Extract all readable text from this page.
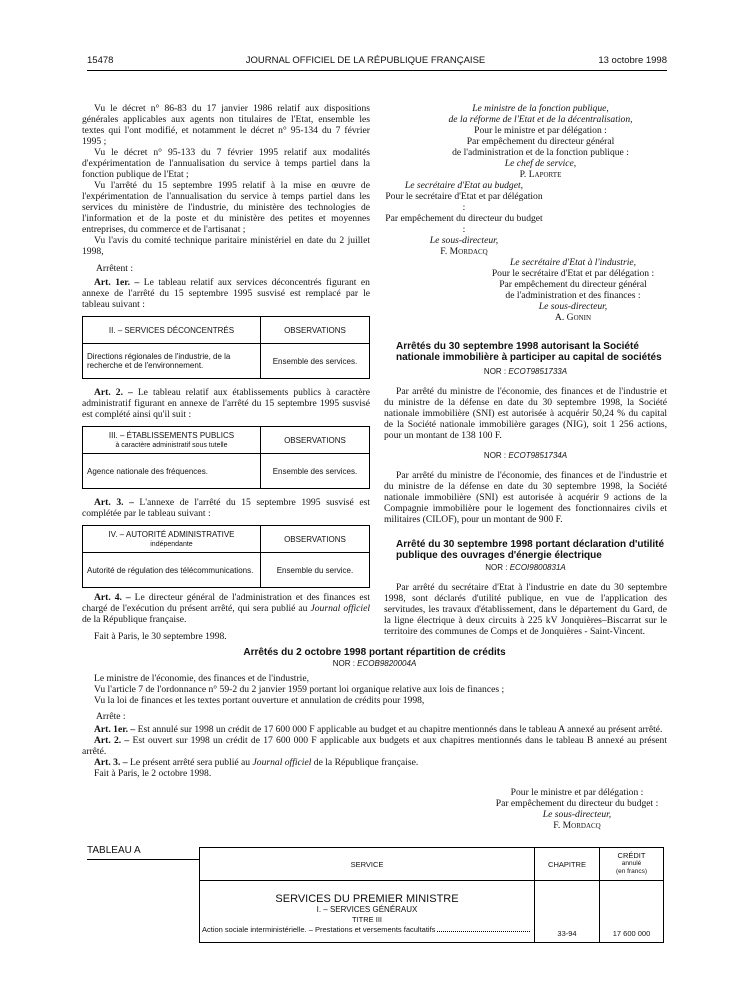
15478	JOURNAL OFFICIEL DE LA RÉPUBLIQUE FRANÇAISE	13 octobre 1998

Vu le décret n° 86-83 du 17 janvier 1986 relatif aux dispositions générales applicables aux agents non titulaires de l'Etat, ensemble les textes qui l'ont modifié, et notamment le décret n° 95-134 du 7 février 1995 ;

Vu le décret n° 95-133 du 7 février 1995 relatif aux modalités d'expérimentation de l'annualisation du service à temps partiel dans la fonction publique de l'Etat ;

Vu l'arrêté du 15 septembre 1995 relatif à la mise en œuvre de l'expérimentation de l'annualisation du service à temps partiel dans les services du ministère de l'industrie, du ministère des technologies de l'information et de la poste et du ministère des petites et moyennes entreprises, du commerce et de l'artisanat ;

Vu l'avis du comité technique paritaire ministériel en date du 2 juillet 1998,

Arrêtent :

Art. 1er. – Le tableau relatif aux services déconcentrés figurant en annexe de l'arrêté du 15 septembre 1995 susvisé est remplacé par le tableau suivant :

II. – SERVICES DÉCONCENTRÉS	OBSERVATIONS
Directions régionales de l'industrie, de la recherche et de l'environnement.	Ensemble des services.

Art. 2. – Le tableau relatif aux établissements publics à caractère administratif figurant en annexe de l'arrêté du 15 septembre 1995 susvisé est complété ainsi qu'il suit :

III. – ÉTABLISSEMENTS PUBLICS
à caractère administratif sous tutelle	OBSERVATIONS
Agence nationale des fréquences.	Ensemble des services.

Art. 3. – L'annexe de l'arrêté du 15 septembre 1995 susvisé est complétée par le tableau suivant :

IV. – AUTORITÉ ADMINISTRATIVE
indépendante	OBSERVATIONS
Autorité de régulation des télécommunications.	Ensemble du service.

Art. 4. – Le directeur général de l'administration et des finances est chargé de l'exécution du présent arrêté, qui sera publié au Journal officiel de la République française.

Fait à Paris, le 30 septembre 1998.

Le ministre de la fonction publique,
de la réforme de l'Etat et de la décentralisation,
Pour le ministre et par délégation :
Par empêchement du directeur général
de l'administration et de la fonction publique :
Le chef de service,
P. Laporte
Le secrétaire d'Etat au budget,
Pour le secrétaire d'Etat et par délégation :
Par empêchement du directeur du budget :
Le sous-directeur,
F. Mordacq
Le secrétaire d'Etat à l'industrie,
Pour le secrétaire d'Etat et par délégation :
Par empêchement du directeur général
de l'administration et des finances :
Le sous-directeur,
A. Gonin
Arrêtés du 30 septembre 1998 autorisant la Société nationale immobilière à participer au capital de sociétés
NOR : ECOT9851733A

Par arrêté du ministre de l'économie, des finances et de l'industrie et du ministre de la défense en date du 30 septembre 1998, la Société nationale immobilière (SNI) est autorisée à acquérir 50,24 % du capital de la Société nationale immobilière garages (NIG), soit 1 256 actions, pour un montant de 138 100 F.

NOR : ECOT9851734A

Par arrêté du ministre de l'économie, des finances et de l'industrie et du ministre de la défense en date du 30 septembre 1998, la Société nationale immobilière (SNI) est autorisée à acquérir 9 actions de la Compagnie immobilière pour le logement des fonctionnaires civils et militaires (CILOF), pour un montant de 900 F.

Arrêté du 30 septembre 1998 portant déclaration d'utilité publique des ouvrages d'énergie électrique
NOR : ECOI9800831A

Par arrêté du secrétaire d'Etat à l'industrie en date du 30 septembre 1998, sont déclarés d'utilité publique, en vue de l'application des servitudes, les travaux d'établissement, dans le département du Gard, de la ligne électrique à deux circuits à 225 kV Jonquières–Biscarrat sur le territoire des communes de Comps et de Jonquières - Saint-Vincent.

Arrêtés du 2 octobre 1998 portant répartition de crédits
NOR : ECOB9820004A

Le ministre de l'économie, des finances et de l'industrie,

Vu l'article 7 de l'ordonnance n° 59-2 du 2 janvier 1959 portant loi organique relative aux lois de finances ;

Vu la loi de finances et les textes portant ouverture et annulation de crédits pour 1998,

Arrête :

Art. 1er. – Est annulé sur 1998 un crédit de 17 600 000 F applicable au budget et au chapitre mentionnés dans le tableau A annexé au présent arrêté.

Art. 2. – Est ouvert sur 1998 un crédit de 17 600 000 F applicable aux budgets et aux chapitres mentionnés dans le tableau B annexé au présent arrêté.

Art. 3. – Le présent arrêté sera publié au Journal officiel de la République française.

Fait à Paris, le 2 octobre 1998.

Pour le ministre et par délégation :
Par empêchement du directeur du budget :
Le sous-directeur,
F. Mordacq
TABLEAU A
SERVICE	CHAPITRE	CRÉDIT
annulé
(en francs)

SERVICES DU PREMIER MINISTRE
I. – SERVICES GÉNÉRAUX
TITRE III
Action sociale interministérielle. – Prestations et versements facultatifs	33-94	17 600 000
